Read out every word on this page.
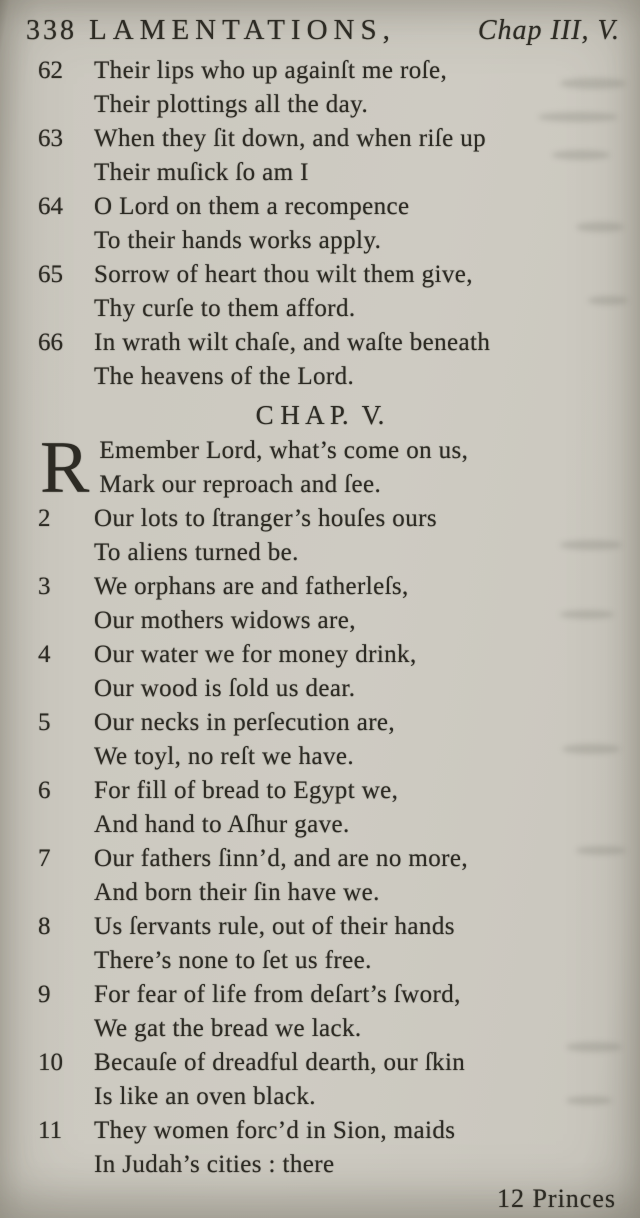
338 LAMENTATIONS,	Chap III, V.
62	Their lips who up againſt me roſe,
Their plottings all the day.
63	When they ſit down, and when riſe up
Their muſick ſo am I
64	O Lord on them a recompence
To their hands works apply.
65	Sorrow of heart thou wilt them give,
Thy curſe to them afford.
66	In wrath wilt chaſe, and waſte beneath
The heavens of the Lord.
C H A P.  V.
R Emember Lord, what’s come on us,
Mark our reproach and ſee.
2	Our lots to ſtranger’s houſes ours
To aliens turned be.
3	We orphans are and fatherleſs,
Our mothers widows are,
4	Our water we for money drink,
Our wood is ſold us dear.
5	Our necks in perſecution are,
We toyl, no reſt we have.
6	For fill of bread to Egypt we,
And hand to Aſhur gave.
7	Our fathers ſinn’d, and are no more,
And born their ſin have we.
8	Us ſervants rule, out of their hands
There’s none to ſet us free.
9	For fear of life from deſart’s ſword,
We gat the bread we lack.
10	Becauſe of dreadful dearth, our ſkin
Is like an oven black.
11	They women forc’d in Sion, maids
In Judah’s cities : there
12 Princes
